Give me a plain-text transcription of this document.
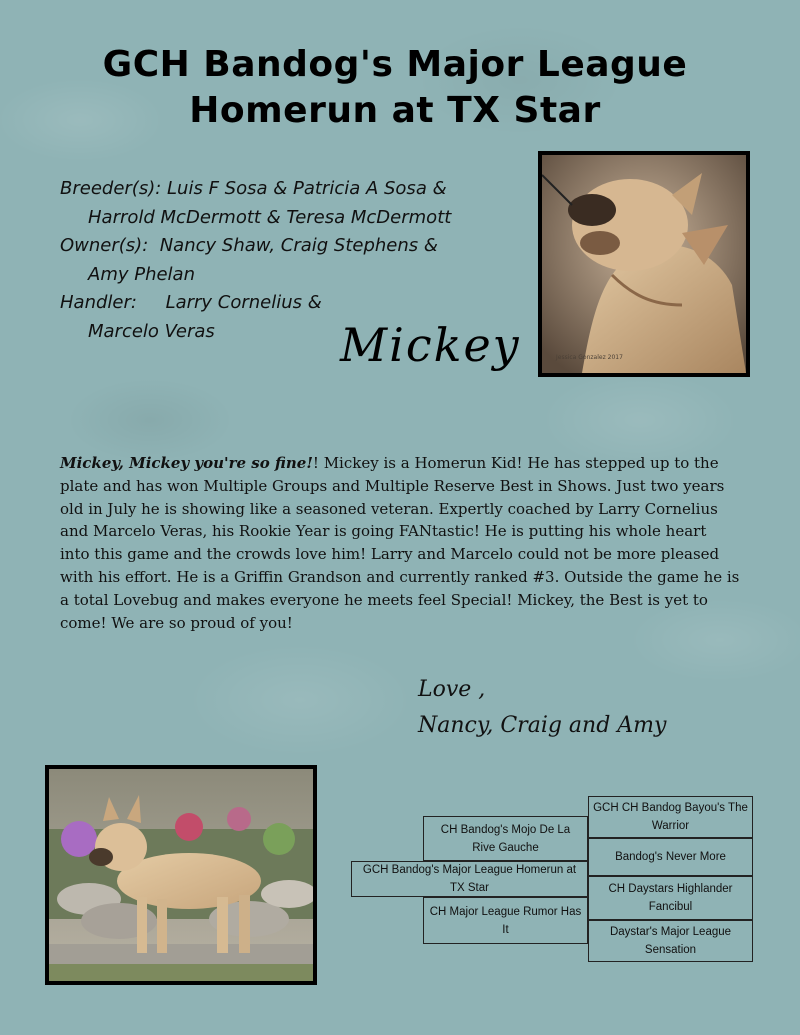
GCH Bandog's Major League
Homerun at TX Star
Breeder(s): Luis F Sosa & Patricia A Sosa &
Harrold McDermott & Teresa McDermott
Owner(s): Nancy Shaw, Craig Stephens &
Amy Phelan
Handler: Larry Cornelius &
Marcelo Veras	Mickey	Jessica Gonzalez 2017
Mickey, Mickey you're so fine!! Mickey is a Homerun Kid! He has stepped up to the plate and has won Multiple Groups and Multiple Reserve Best in Shows. Just two years old in July he is showing like a seasoned veteran. Expertly coached by Larry Cornelius and Marcelo Veras, his Rookie Year is going FANtastic! He is putting his whole heart into this game and the crowds love him! Larry and Marcelo could not be more pleased with his effort. He is a Griffin Grandson and currently ranked #3. Outside the game he is a total Lovebug and makes everyone he meets feel Special! Mickey, the Best is yet to come! We are so proud of you!
Love ,
Nancy, Craig and Amy
GCH Bandog's Major League Homerun at TX Star
CH Bandog's Mojo De La Rive Gauche
CH Major League Rumor Has It
GCH CH Bandog Bayou's The Warrior
Bandog's Never More
CH Daystars Highlander Fancibul
Daystar's Major League Sensation
